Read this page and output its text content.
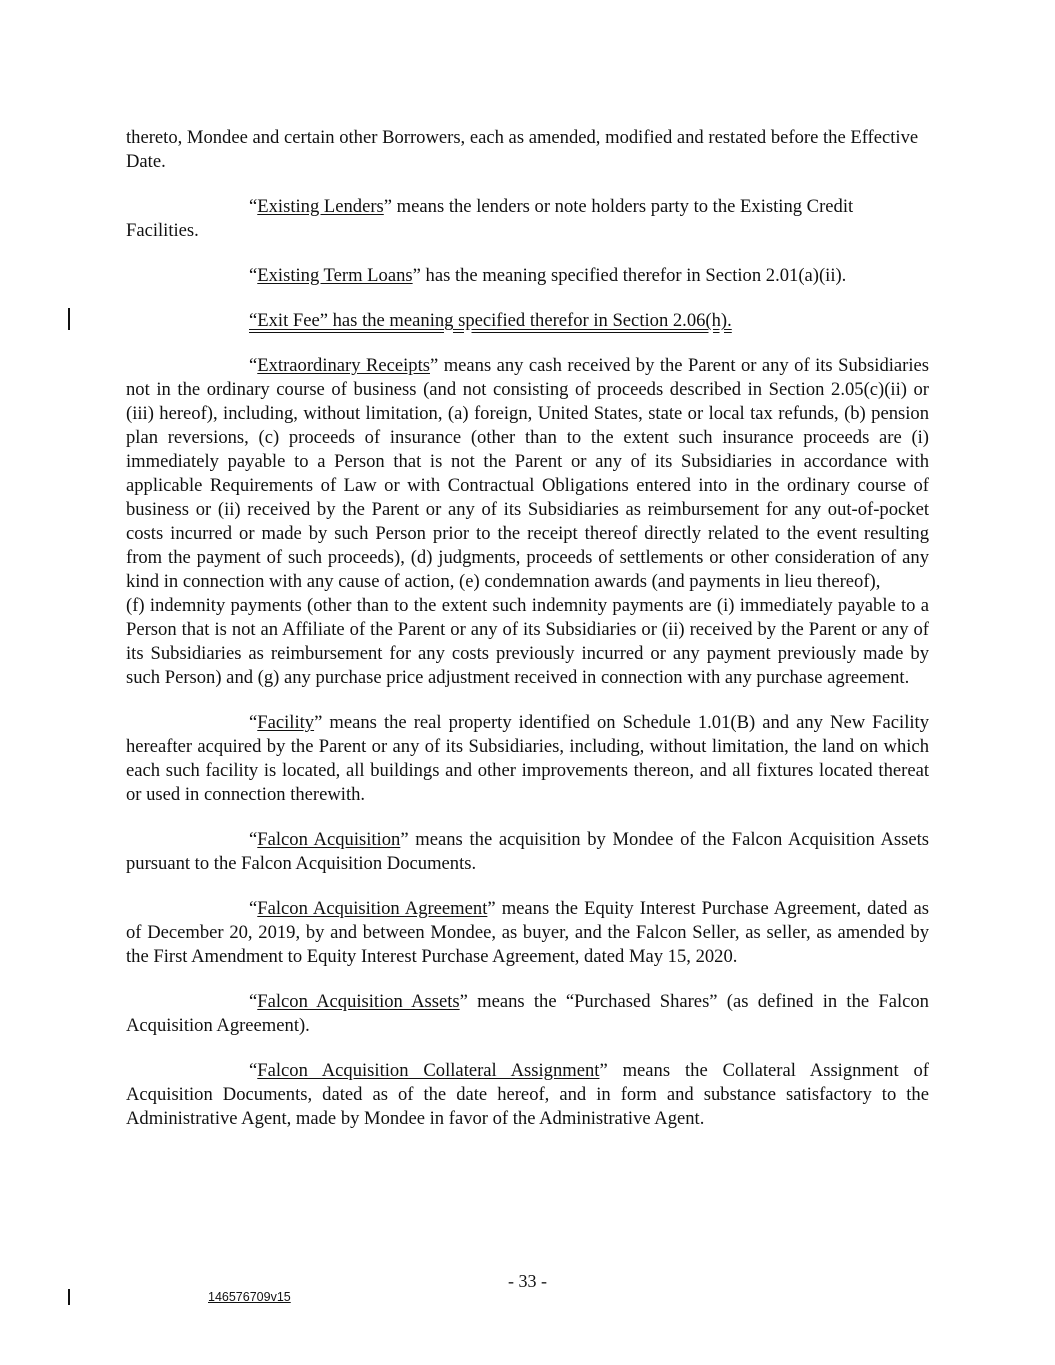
thereto, Mondee and certain other Borrowers, each as amended, modified and restated before the Effective Date.

“Existing Lenders” means the lenders or note holders party to the Existing Credit Facilities.

“Existing Term Loans” has the meaning specified therefor in Section 2.01(a)(ii).

“Exit Fee” has the meaning specified therefor in Section 2.06(h).

“Extraordinary Receipts” means any cash received by the Parent or any of its Subsidiaries not in the ordinary course of business (and not consisting of proceeds described in Section 2.05(c)(ii) or (iii) hereof), including, without limitation, (a) foreign, United States, state or local tax refunds, (b) pension plan reversions, (c) proceeds of insurance (other than to the extent such insurance proceeds are (i) immediately payable to a Person that is not the Parent or any of its Subsidiaries in accordance with applicable Requirements of Law or with Contractual Obligations entered into in the ordinary course of business or (ii) received by the Parent or any of its Subsidiaries as reimbursement for any out-of-pocket costs incurred or made by such Person prior to the receipt thereof directly related to the event resulting from the payment of such proceeds), (d) judgments, proceeds of settlements or other consideration of any kind in connection with any cause of action, (e) condemnation awards (and payments in lieu thereof),
(f) indemnity payments (other than to the extent such indemnity payments are (i) immediately payable to a Person that is not an Affiliate of the Parent or any of its Subsidiaries or (ii) received by the Parent or any of its Subsidiaries as reimbursement for any costs previously incurred or any payment previously made by such Person) and (g) any purchase price adjustment received in connection with any purchase agreement.

“Facility” means the real property identified on Schedule 1.01(B) and any New Facility hereafter acquired by the Parent or any of its Subsidiaries, including, without limitation, the land on which each such facility is located, all buildings and other improvements thereon, and all fixtures located thereat or used in connection therewith.

“Falcon Acquisition” means the acquisition by Mondee of the Falcon Acquisition Assets pursuant to the Falcon Acquisition Documents.

“Falcon Acquisition Agreement” means the Equity Interest Purchase Agreement, dated as of December 20, 2019, by and between Mondee, as buyer, and the Falcon Seller, as seller, as amended by the First Amendment to Equity Interest Purchase Agreement, dated May 15, 2020.

“Falcon Acquisition Assets” means the “Purchased Shares” (as defined in the Falcon Acquisition Agreement).

“Falcon Acquisition Collateral Assignment” means the Collateral Assignment of Acquisition Documents, dated as of the date hereof, and in form and substance satisfactory to the Administrative Agent, made by Mondee in favor of the Administrative Agent.

- 33 -
146576709v15
